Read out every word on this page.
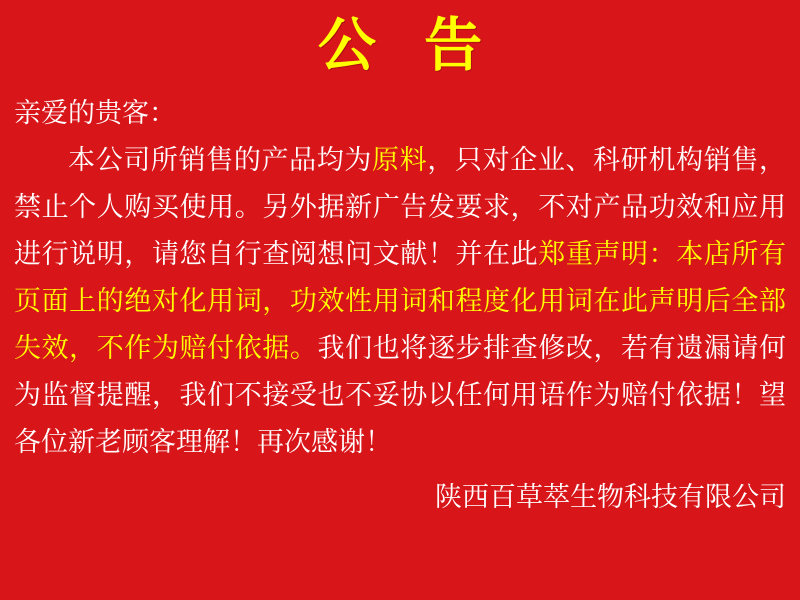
公 告
亲爱的贵客：
本公司所销售的产品均为原料，只对企业、科研机构销售，禁止个人购买使用。另外据新广告发要求，不对产品功效和应用进行说明，请您自行查阅想问文献！并在此郑重声明：本店所有页面上的绝对化用词，功效性用词和程度化用词在此声明后全部失效，不作为赔付依据。我们也将逐步排查修改，若有遗漏请何为监督提醒，我们不接受也不妥协以任何用语作为赔付依据！望各位新老顾客理解！再次感谢！
陕西百草萃生物科技有限公司
